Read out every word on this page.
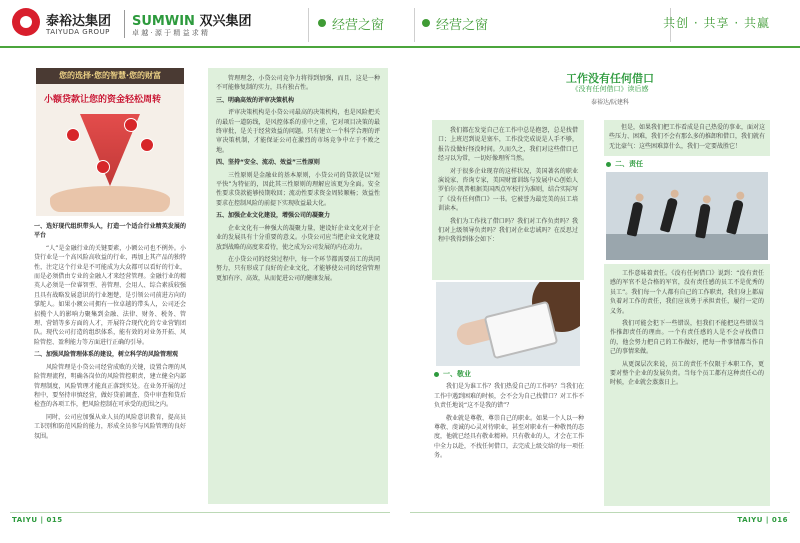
泰裕达集团
TAIYUDA GROUP
SUMWIN 双兴集团
卓 越 · 源 于 精 益 求 精
经营之窗	经营之窗	共创 · 共享 · 共赢
您的选择·您的智慧·您的财富
小额贷款让您的资金轻松周转

一、选好现代组织带头人，打造一个适合行业精英发展的平台

“人”是金融行业的关键要素，小额公司也不例外。小贷行业是一个高风险高收益的行业，再加上其产品的独特性，注定这个行业是不可能成为大众都可以看好的行业，而是必须借由专业的金融人才来经营管理。金融行业的精英人必须是一位睿智型、善管理、会用人、综合素质较强且具有战略发展意识的行业翘楚，是引领公司前进方向的掌舵人。如果小额公司拥有一位卓越的带头人，公司还会招揽个人的影响力聚集到金融、法律、财务、税务、管理、营销等多方面的人才，开展符合现代化的专业营销团队。现代公司打造的组织体系，能有效的对业务开拓、风险管控、盈利能力等方面进行正确的引导。

二、加强风险管理体系的建设，树立科学的风险管理观

风险管理是小贷公司经营成败的关键，设置合理的风险管理流程，明确各岗位的风险管控职责，建立健全内部管理制度，风险管理才能真正落到实处。在业务开展的过程中，要坚持审慎经营，做好贷前调查、贷中审查和贷后检查的各项工作，把风险控制在可承受的范围之内。

同时，公司应加强从业人员的风险意识教育，提高员工识别和防范风险的能力，形成全员参与风险管理的良好氛围。

管理理念，小贷公司竞争力将得到加强，而且，这是一种不可能修复制的实力，具有独占性。

三、明确高效的评审决策机构

评审决策机构是小贷公司最高的决策机构，也是风险把关的最后一道防线，是风控体系的重中之重，它对项目决策的最终审批，是关于经营效益的问题。只有建立一个科学合理的评审决策机制，才能保证公司在激烈的市场竞争中立于不败之地。

四、坚持“安全、流动、效益”三性原则

三性原则是金融业的基本原则，小贷公司的贷款是以“短平快”为特征的，因此其三性原则的理解应该更为全面。安全性要求贷款能够按期收回；流动性要求资金周转顺畅；效益性要求在控制风险的前提下实现收益最大化。

五、加强企业文化建设，增强公司的凝聚力

企业文化有一种强大的凝聚力量，建设好企业文化对于企业的发展具有十分重要的意义。小贷公司应当把企业文化建设放到战略的高度来看待，使之成为公司发展的内在动力。

在小贷公司的经营过程中，每一个环节都需要员工的共同努力，只有形成了良好的企业文化，才能够使公司的经营管理更加有序、高效，从而促进公司的健康发展。

我们都在发觉自己在工作中总是抱怨，总是找借口；上班迟到说是塞车，工作没完成说是人手不够，报告没做好怪没时间。久而久之，我们对这些借口已经习以为常，一切好像理所当然。

对于很多企业现存的这样状况，美国著名的职业演说家、咨询专家，美国财富训练与发展中心创始人罗伯尔·凯普根据美国西点军校行为准则，结合实际写了《没有任何借口》一书。它被誉为最完美的员工培训读本。

我们为工作找了借口吗？我们对工作负责吗？我们对上级领导负责吗？我们对企业忠诚吗？在反思过程中我得到体会如下：

工作没有任何借口
《没有任何借口》读后感
泰裕达/阮建科

一、敬业

我们是为谁工作？我们热爱自己的工作吗？当我们在工作中遇到困难的时候，会不会为自己找借口？对工作不负责任地说“这不是我的错”？

敬业就是尊敬、尊崇自己的职业。如果一个人以一种尊敬、虔诚的心灵对待职业，甚至对职业有一种敬畏的态度，他就已经具有敬业精神。只有敬业的人，才会在工作中全力以赴，不找任何借口，去完成上级交给的每一项任务。

但是，如果我们把工作看成是自己热爱的事业，面对这些压力、困难，我们不会有那么多的推卸和借口，我们就有无比豪气：这些困难算什么，我们一定要战胜它！

二、责任

工作意味着责任。《没有任何借口》说到：“没有责任感的军官不是合格的军官，没有责任感的员工不是优秀的员工”。我们每一个人都有自己的工作职责，我们身上都肩负着对工作的责任，我们应该勇于承担责任，履行一定的义务。

我们可能会犯下一些错误，但我们不能把这些错误当作推卸责任的理由。一个有责任感的人是不会寻找借口的，他会努力把自己的工作做好，把每一件事情都当作自己的事情来做。

从更深层次来说，员工的责任不仅限于本职工作，更要对整个企业的发展负责。当每个员工都有这种责任心的时候，企业就会蒸蒸日上。

TAIYU | 015	TAIYU | 016
